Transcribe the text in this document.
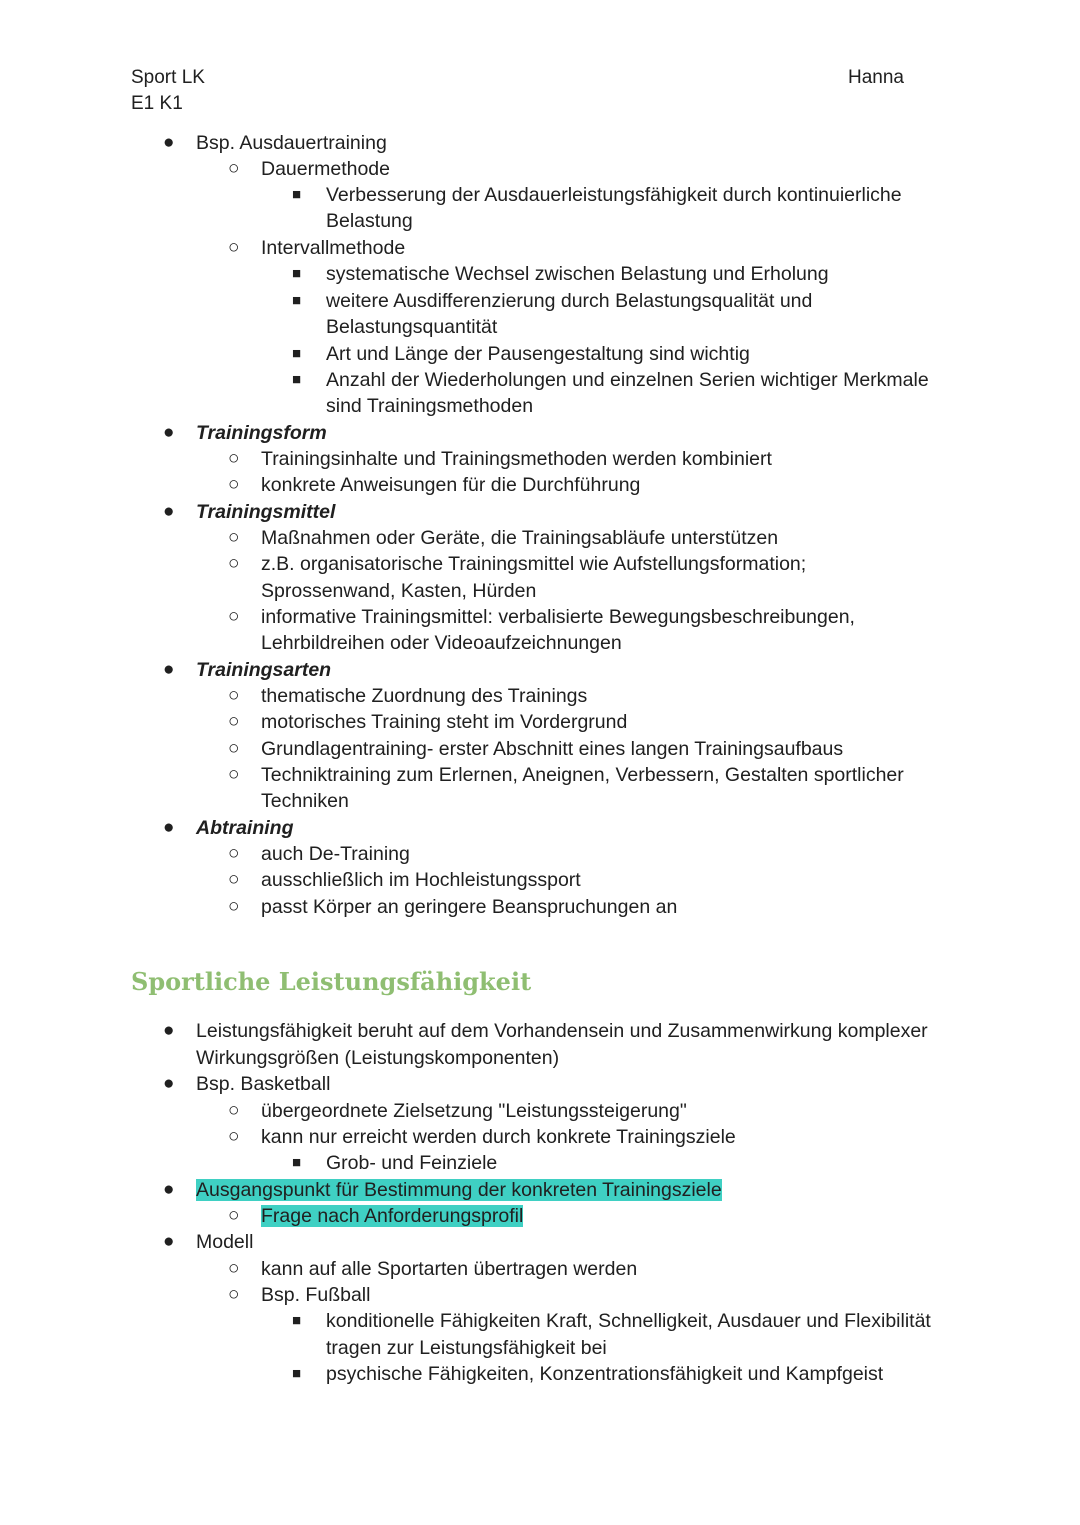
Sport LK
E1 K1
Hanna
●
○
■
○
■
■
■
■
●
○
○
●
○
○
○
●
○
○
○
○
●
○
○
○
Bsp. Ausdauertraining
Dauermethode
Verbesserung der Ausdauerleistungsfähigkeit durch kontinuierliche
Belastung
Intervallmethode
systematische Wechsel zwischen Belastung und Erholung
weitere Ausdifferenzierung durch Belastungsqualität und
Belastungsquantität
Art und Länge der Pausengestaltung sind wichtig
Anzahl der Wiederholungen und einzelnen Serien wichtiger Merkmale
sind Trainingsmethoden
Trainingsform
Trainingsinhalte und Trainingsmethoden werden kombiniert
konkrete Anweisungen für die Durchführung
Trainingsmittel
Maßnahmen oder Geräte, die Trainingsabläufe unterstützen
z.B. organisatorische Trainingsmittel wie Aufstellungsformation;
Sprossenwand, Kasten, Hürden
informative Trainingsmittel: verbalisierte Bewegungsbeschreibungen,
Lehrbildreihen oder Videoaufzeichnungen
Trainingsarten
thematische Zuordnung des Trainings
motorisches Training steht im Vordergrund
Grundlagentraining- erster Abschnitt eines langen Trainingsaufbaus
Techniktraining zum Erlernen, Aneignen, Verbessern, Gestalten sportlicher
Techniken
Abtraining
auch De-Training
ausschließlich im Hochleistungssport
passt Körper an geringere Beanspruchungen an
Sportliche Leistungsfähigkeit
●
●
○
○
■
●
○
●
○
○
■
■
Leistungsfähigkeit beruht auf dem Vorhandensein und Zusammenwirkung komplexer
Wirkungsgrößen (Leistungskomponenten)
Bsp. Basketball
übergeordnete Zielsetzung "Leistungssteigerung"
kann nur erreicht werden durch konkrete Trainingsziele
Grob- und Feinziele
Ausgangspunkt für Bestimmung der konkreten Trainingsziele
Frage nach Anforderungsprofil
Modell
kann auf alle Sportarten übertragen werden
Bsp. Fußball
konditionelle Fähigkeiten Kraft, Schnelligkeit, Ausdauer und Flexibilität
tragen zur Leistungsfähigkeit bei
psychische Fähigkeiten, Konzentrationsfähigkeit und Kampfgeist
